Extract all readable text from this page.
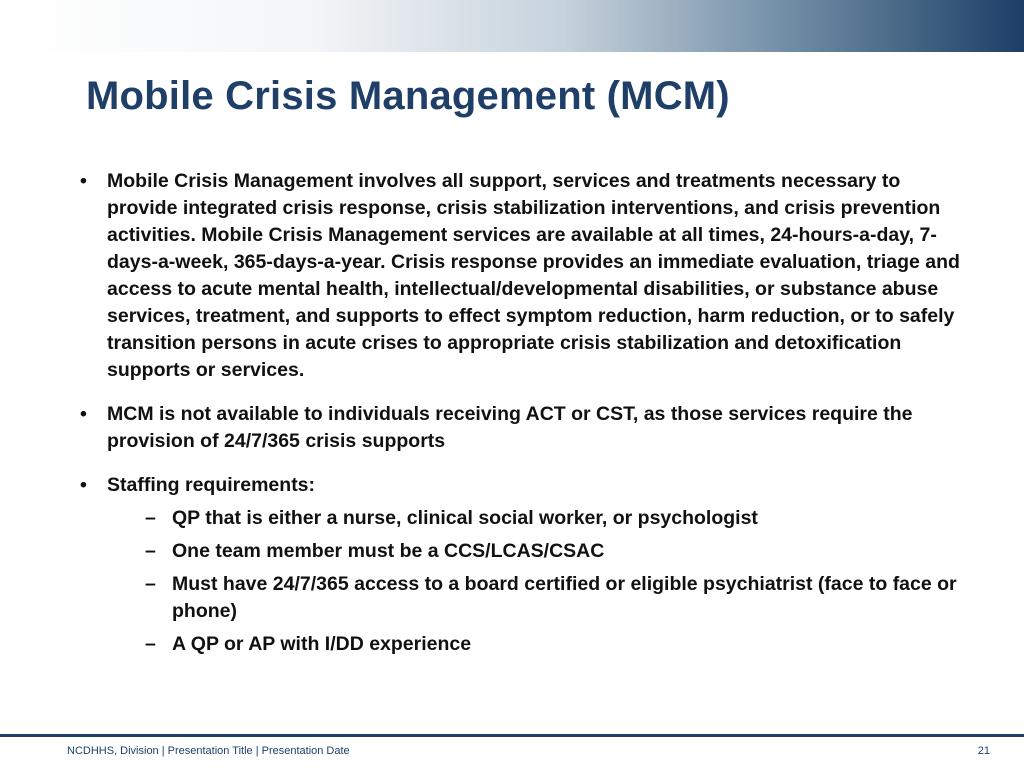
Mobile Crisis Management (MCM)
• Mobile Crisis Management involves all support, services and treatments necessary to provide integrated crisis response, crisis stabilization interventions, and crisis prevention activities. Mobile Crisis Management services are available at all times, 24-hours-a-day, 7-days-a-week, 365-days-a-year. Crisis response provides an immediate evaluation, triage and access to acute mental health, intellectual/developmental disabilities, or substance abuse services, treatment, and supports to effect symptom reduction, harm reduction, or to safely transition persons in acute crises to appropriate crisis stabilization and detoxification supports or services.
• MCM is not available to individuals receiving ACT or CST, as those services require the provision of 24/7/365 crisis supports
• Staffing requirements:
– QP that is either a nurse, clinical social worker, or psychologist
– One team member must be a CCS/LCAS/CSAC
– Must have 24/7/365 access to a board certified or eligible psychiatrist (face to face or phone)
– A QP or AP with I/DD experience
NCDHHS, Division | Presentation Title | Presentation Date	21
